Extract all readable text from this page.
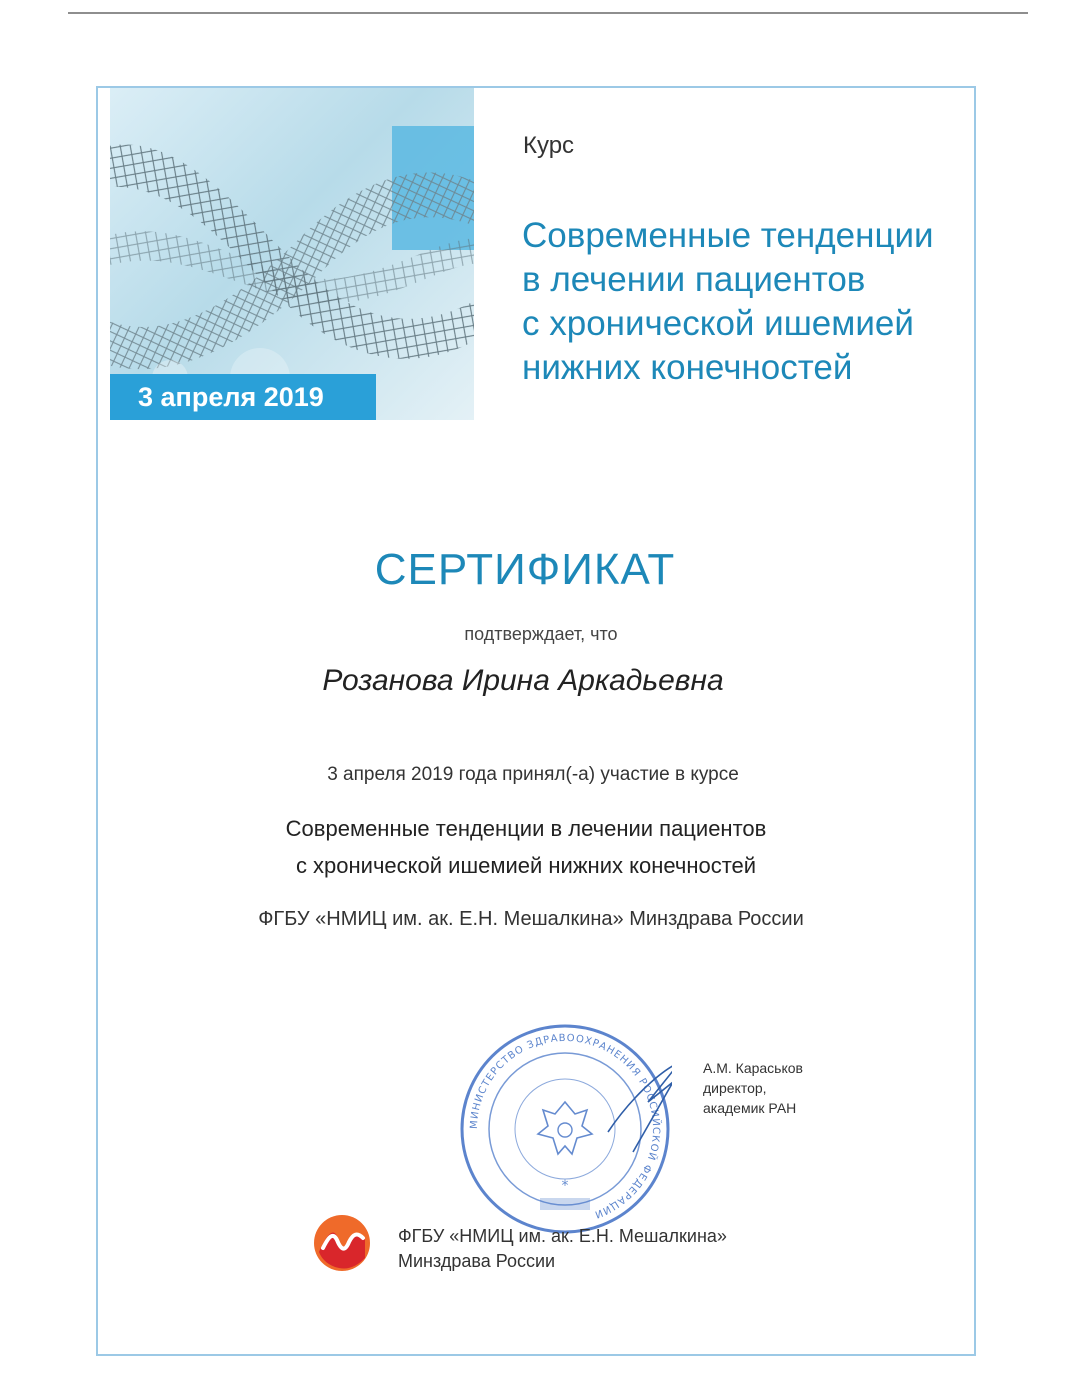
3 апреля 2019
Курс
Современные тенденции
в лечении пациентов
с хронической ишемией
нижних конечностей
СЕРТИФИКАТ
подтверждает, что
Розанова Ирина Аркадьевна
3 апреля 2019 года принял(-а) участие в курсе
Современные тенденции в лечении пациентов
с хронической ишемией нижних конечностей
ФГБУ «НМИЦ им. ак. Е.Н. Мешалкина» Минздрава России
МИНИСТЕРСТВО ЗДРАВООХРАНЕНИЯ РОССИЙСКОЙ ФЕДЕРАЦИИ
*
А.М. Караськов
директор,
академик РАН
ФГБУ «НМИЦ им. ак. Е.Н. Мешалкина»
Минздрава России
